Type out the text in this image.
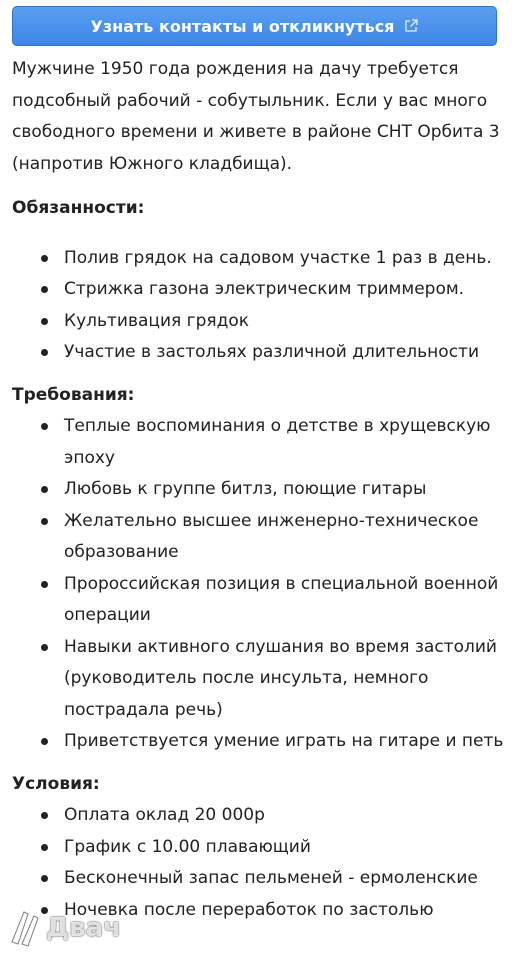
Узнать контакты и откликнуться

Мужчине 1950 года рождения на дачу требуется подсобный рабочий - собутыльник. Если у вас много свободного времени и живете в районе СНТ Орбита 3 (напротив Южного кладбища).

Обязанности:

Полив грядок на садовом участке 1 раз в день.
Стрижка газона электрическим триммером.
Культивация грядок
Участие в застольях различной длительности

Требования:

Теплые воспоминания о детстве в хрущевскую эпоху
Любовь к группе битлз, поющие гитары
Желательно высшее инженерно-техническое образование
Пророссийская позиция в специальной военной операции
Навыки активного слушания во время застолий (руководитель после инсульта, немного пострадала речь)
Приветствуется умение играть на гитаре и петь

Условия:

Оплата оклад 20 000р
График с 10.00 плавающий
Бесконечный запас пельменей - ермоленские
Ночевка после переработок по застолью
Двач
